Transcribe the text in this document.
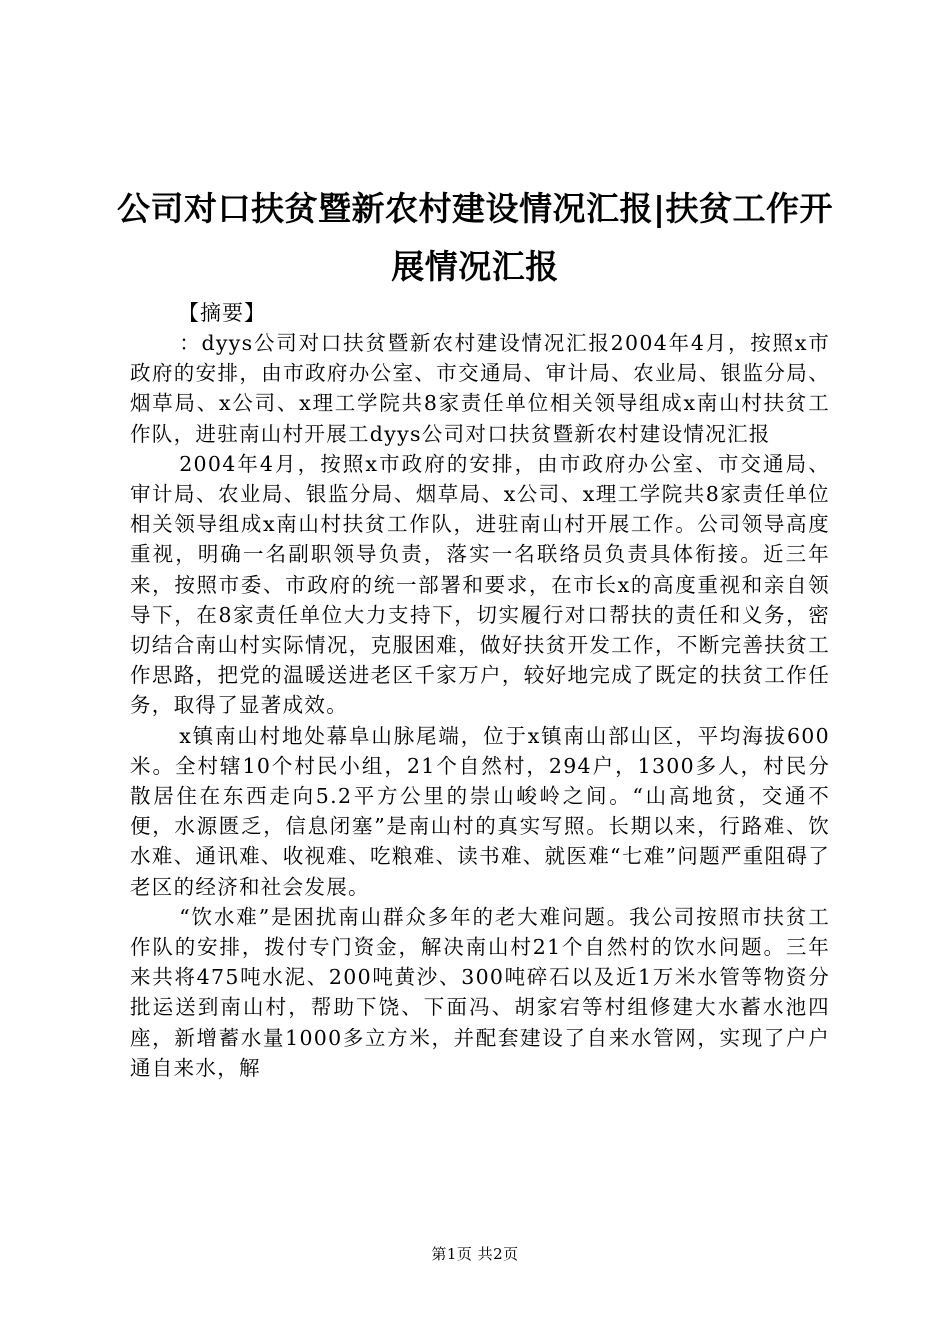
公司对口扶贫暨新农村建设情况汇报|扶贫工作开展情况汇报

【摘要】

：dyys公司对口扶贫暨新农村建设情况汇报2004年4月，按照x市政府的安排，由市政府办公室、市交通局、审计局、农业局、银监分局、烟草局、x公司、x理工学院共8家责任单位相关领导组成x南山村扶贫工作队，进驻南山村开展工dyys公司对口扶贫暨新农村建设情况汇报

2004年4月，按照x市政府的安排，由市政府办公室、市交通局、审计局、农业局、银监分局、烟草局、x公司、x理工学院共8家责任单位相关领导组成x南山村扶贫工作队，进驻南山村开展工作。公司领导高度重视，明确一名副职领导负责，落实一名联络员负责具体衔接。近三年来，按照市委、市政府的统一部署和要求，在市长x的高度重视和亲自领导下，在8家责任单位大力支持下，切实履行对口帮扶的责任和义务，密切结合南山村实际情况，克服困难，做好扶贫开发工作，不断完善扶贫工作思路，把党的温暖送进老区千家万户，较好地完成了既定的扶贫工作任务，取得了显著成效。

x镇南山村地处幕阜山脉尾端，位于x镇南山部山区，平均海拔600米。全村辖10个村民小组，21个自然村，294户，1300多人，村民分散居住在东西走向5.2平方公里的崇山峻岭之间。“山高地贫，交通不便，水源匮乏，信息闭塞”是南山村的真实写照。长期以来，行路难、饮水难、通讯难、收视难、吃粮难、读书难、就医难“七难”问题严重阻碍了老区的经济和社会发展。

“饮水难”是困扰南山群众多年的老大难问题。我公司按照市扶贫工作队的安排，拨付专门资金，解决南山村21个自然村的饮水问题。三年来共将475吨水泥、200吨黄沙、300吨碎石以及近1万米水管等物资分批运送到南山村，帮助下饶、下面冯、胡家宕等村组修建大水蓄水池四座，新增蓄水量1000多立方米，并配套建设了自来水管网，实现了户户通自来水，解

第1页 共2页
